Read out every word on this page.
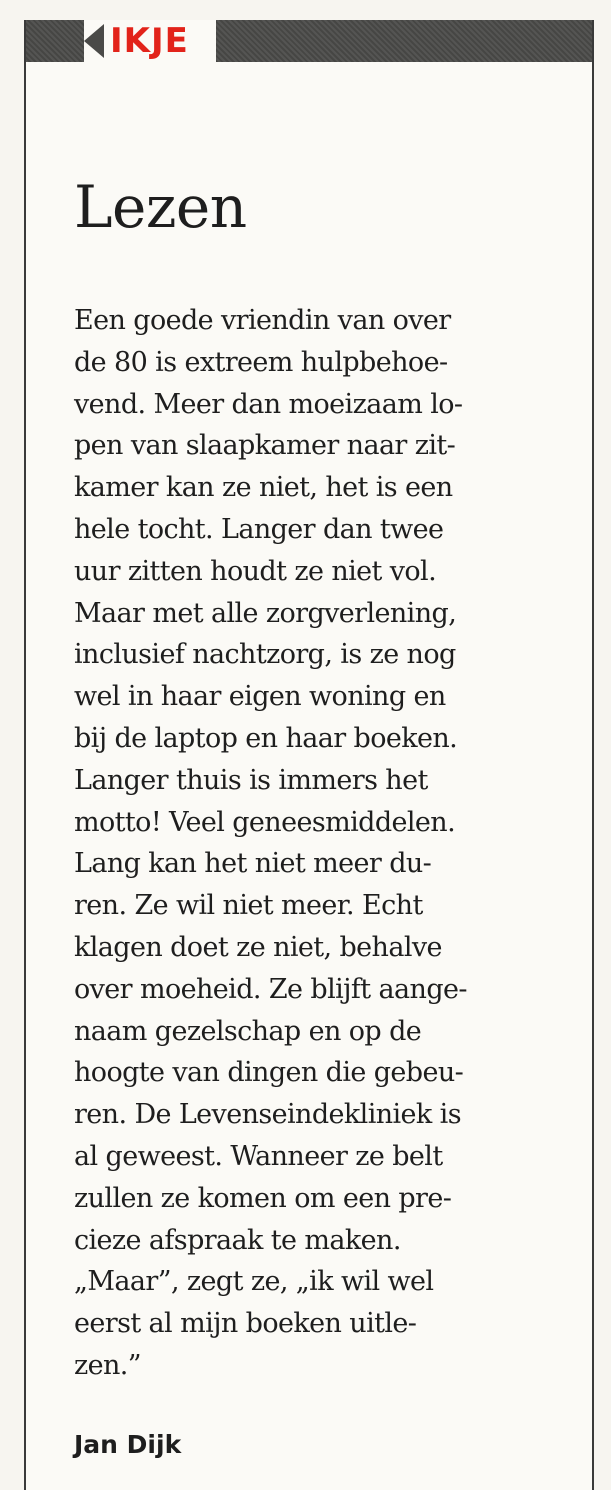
IKJE
Lezen

Een goede vriendin van over
de 80 is extreem hulpbehoe-
vend. Meer dan moeizaam lo-
pen van slaapkamer naar zit-
kamer kan ze niet, het is een
hele tocht. Langer dan twee
uur zitten houdt ze niet vol.
Maar met alle zorgverlening,
inclusief nachtzorg, is ze nog
wel in haar eigen woning en
bij de laptop en haar boeken.
Langer thuis is immers het
motto! Veel geneesmiddelen.
Lang kan het niet meer du-
ren. Ze wil niet meer. Echt
klagen doet ze niet, behalve
over moeheid. Ze blijft aange-
naam gezelschap en op de
hoogte van dingen die gebeu-
ren. De Levenseindekliniek is
al geweest. Wanneer ze belt
zullen ze komen om een pre-
cieze afspraak te maken.
„Maar”, zegt ze, „ik wil wel
eerst al mijn boeken uitle-
zen.”

Jan Dijk
